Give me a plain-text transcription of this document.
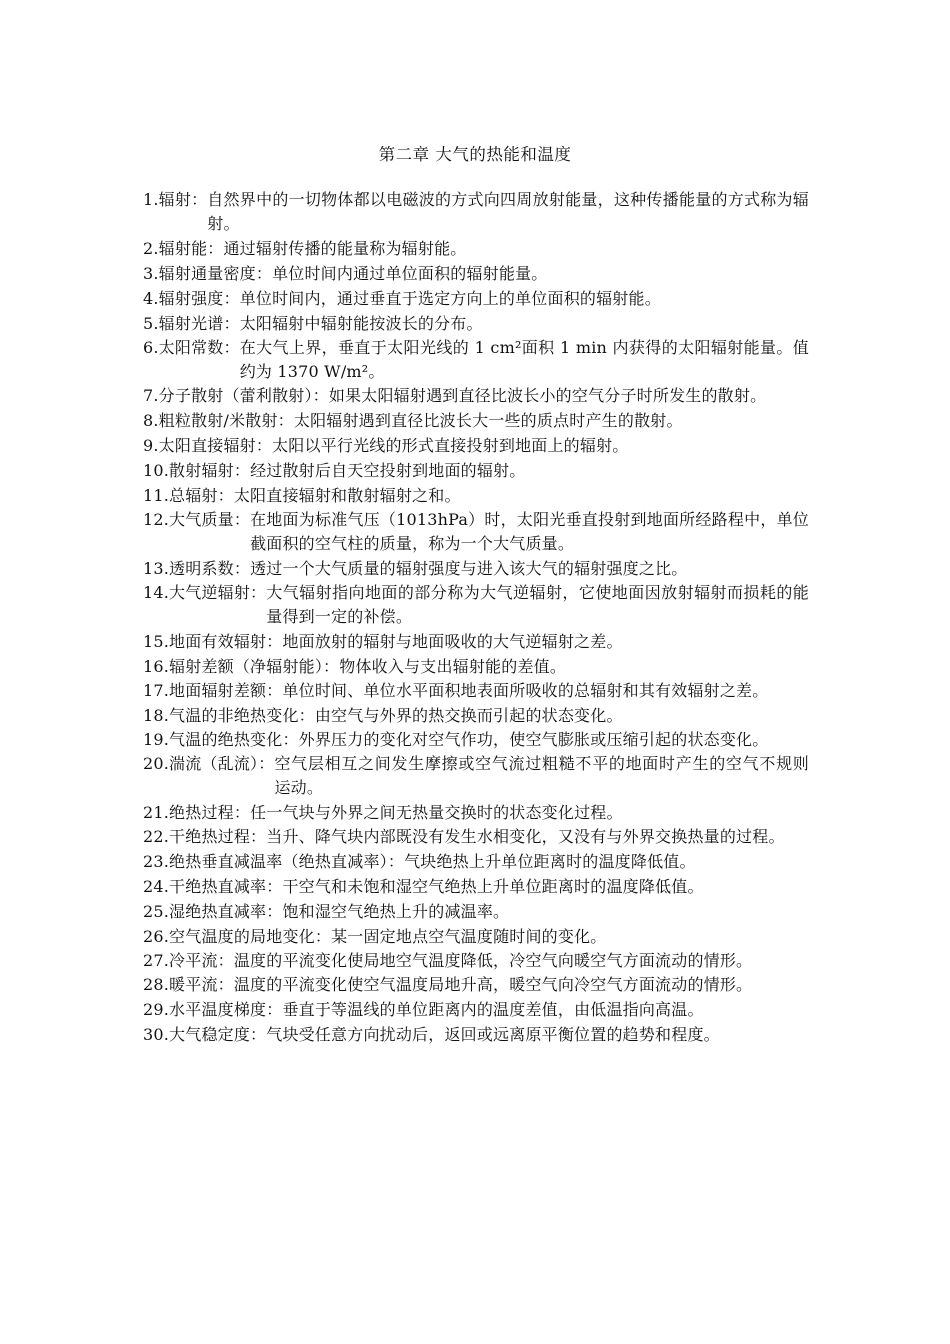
第二章 大气的热能和温度
1. 辐射： 自然界中的一切物体都以电磁波的方式向四周放射能量，这种传播能量的方式称为辐射。
2. 辐射能： 通过辐射传播的能量称为辐射能。
3. 辐射通量密度： 单位时间内通过单位面积的辐射能量。
4. 辐射强度： 单位时间内，通过垂直于选定方向上的单位面积的辐射能。
5. 辐射光谱： 太阳辐射中辐射能按波长的分布。
6. 太阳常数： 在大气上界，垂直于太阳光线的 1 cm²面积 1 min 内获得的太阳辐射能量。值约为 1370 W/m²。
7. 分子散射（蕾利散射）： 如果太阳辐射遇到直径比波长小的空气分子时所发生的散射。
8. 粗粒散射/米散射： 太阳辐射遇到直径比波长大一些的质点时产生的散射。
9. 太阳直接辐射： 太阳以平行光线的形式直接投射到地面上的辐射。
10. 散射辐射： 经过散射后自天空投射到地面的辐射。
11. 总辐射： 太阳直接辐射和散射辐射之和。
12. 大气质量： 在地面为标准气压（1013hPa）时，太阳光垂直投射到地面所经路程中，单位截面积的空气柱的质量，称为一个大气质量。
13. 透明系数： 透过一个大气质量的辐射强度与进入该大气的辐射强度之比。
14. 大气逆辐射： 大气辐射指向地面的部分称为大气逆辐射，它使地面因放射辐射而损耗的能量得到一定的补偿。
15. 地面有效辐射： 地面放射的辐射与地面吸收的大气逆辐射之差。
16. 辐射差额（净辐射能）： 物体收入与支出辐射能的差值。
17. 地面辐射差额： 单位时间、单位水平面积地表面所吸收的总辐射和其有效辐射之差。
18. 气温的非绝热变化： 由空气与外界的热交换而引起的状态变化。
19. 气温的绝热变化： 外界压力的变化对空气作功，使空气膨胀或压缩引起的状态变化。
20. 湍流（乱流）： 空气层相互之间发生摩擦或空气流过粗糙不平的地面时产生的空气不规则运动。
21. 绝热过程： 任一气块与外界之间无热量交换时的状态变化过程。
22. 干绝热过程： 当升、降气块内部既没有发生水相变化，又没有与外界交换热量的过程。
23. 绝热垂直减温率（绝热直减率）： 气块绝热上升单位距离时的温度降低值。
24. 干绝热直减率： 干空气和未饱和湿空气绝热上升单位距离时的温度降低值。
25. 湿绝热直减率： 饱和湿空气绝热上升的减温率。
26. 空气温度的局地变化： 某一固定地点空气温度随时间的变化。
27. 冷平流： 温度的平流变化使局地空气温度降低，冷空气向暖空气方面流动的情形。
28. 暖平流： 温度的平流变化使空气温度局地升高，暖空气向冷空气方面流动的情形。
29. 水平温度梯度： 垂直于等温线的单位距离内的温度差值，由低温指向高温。
30. 大气稳定度： 气块受任意方向扰动后，返回或远离原平衡位置的趋势和程度。
